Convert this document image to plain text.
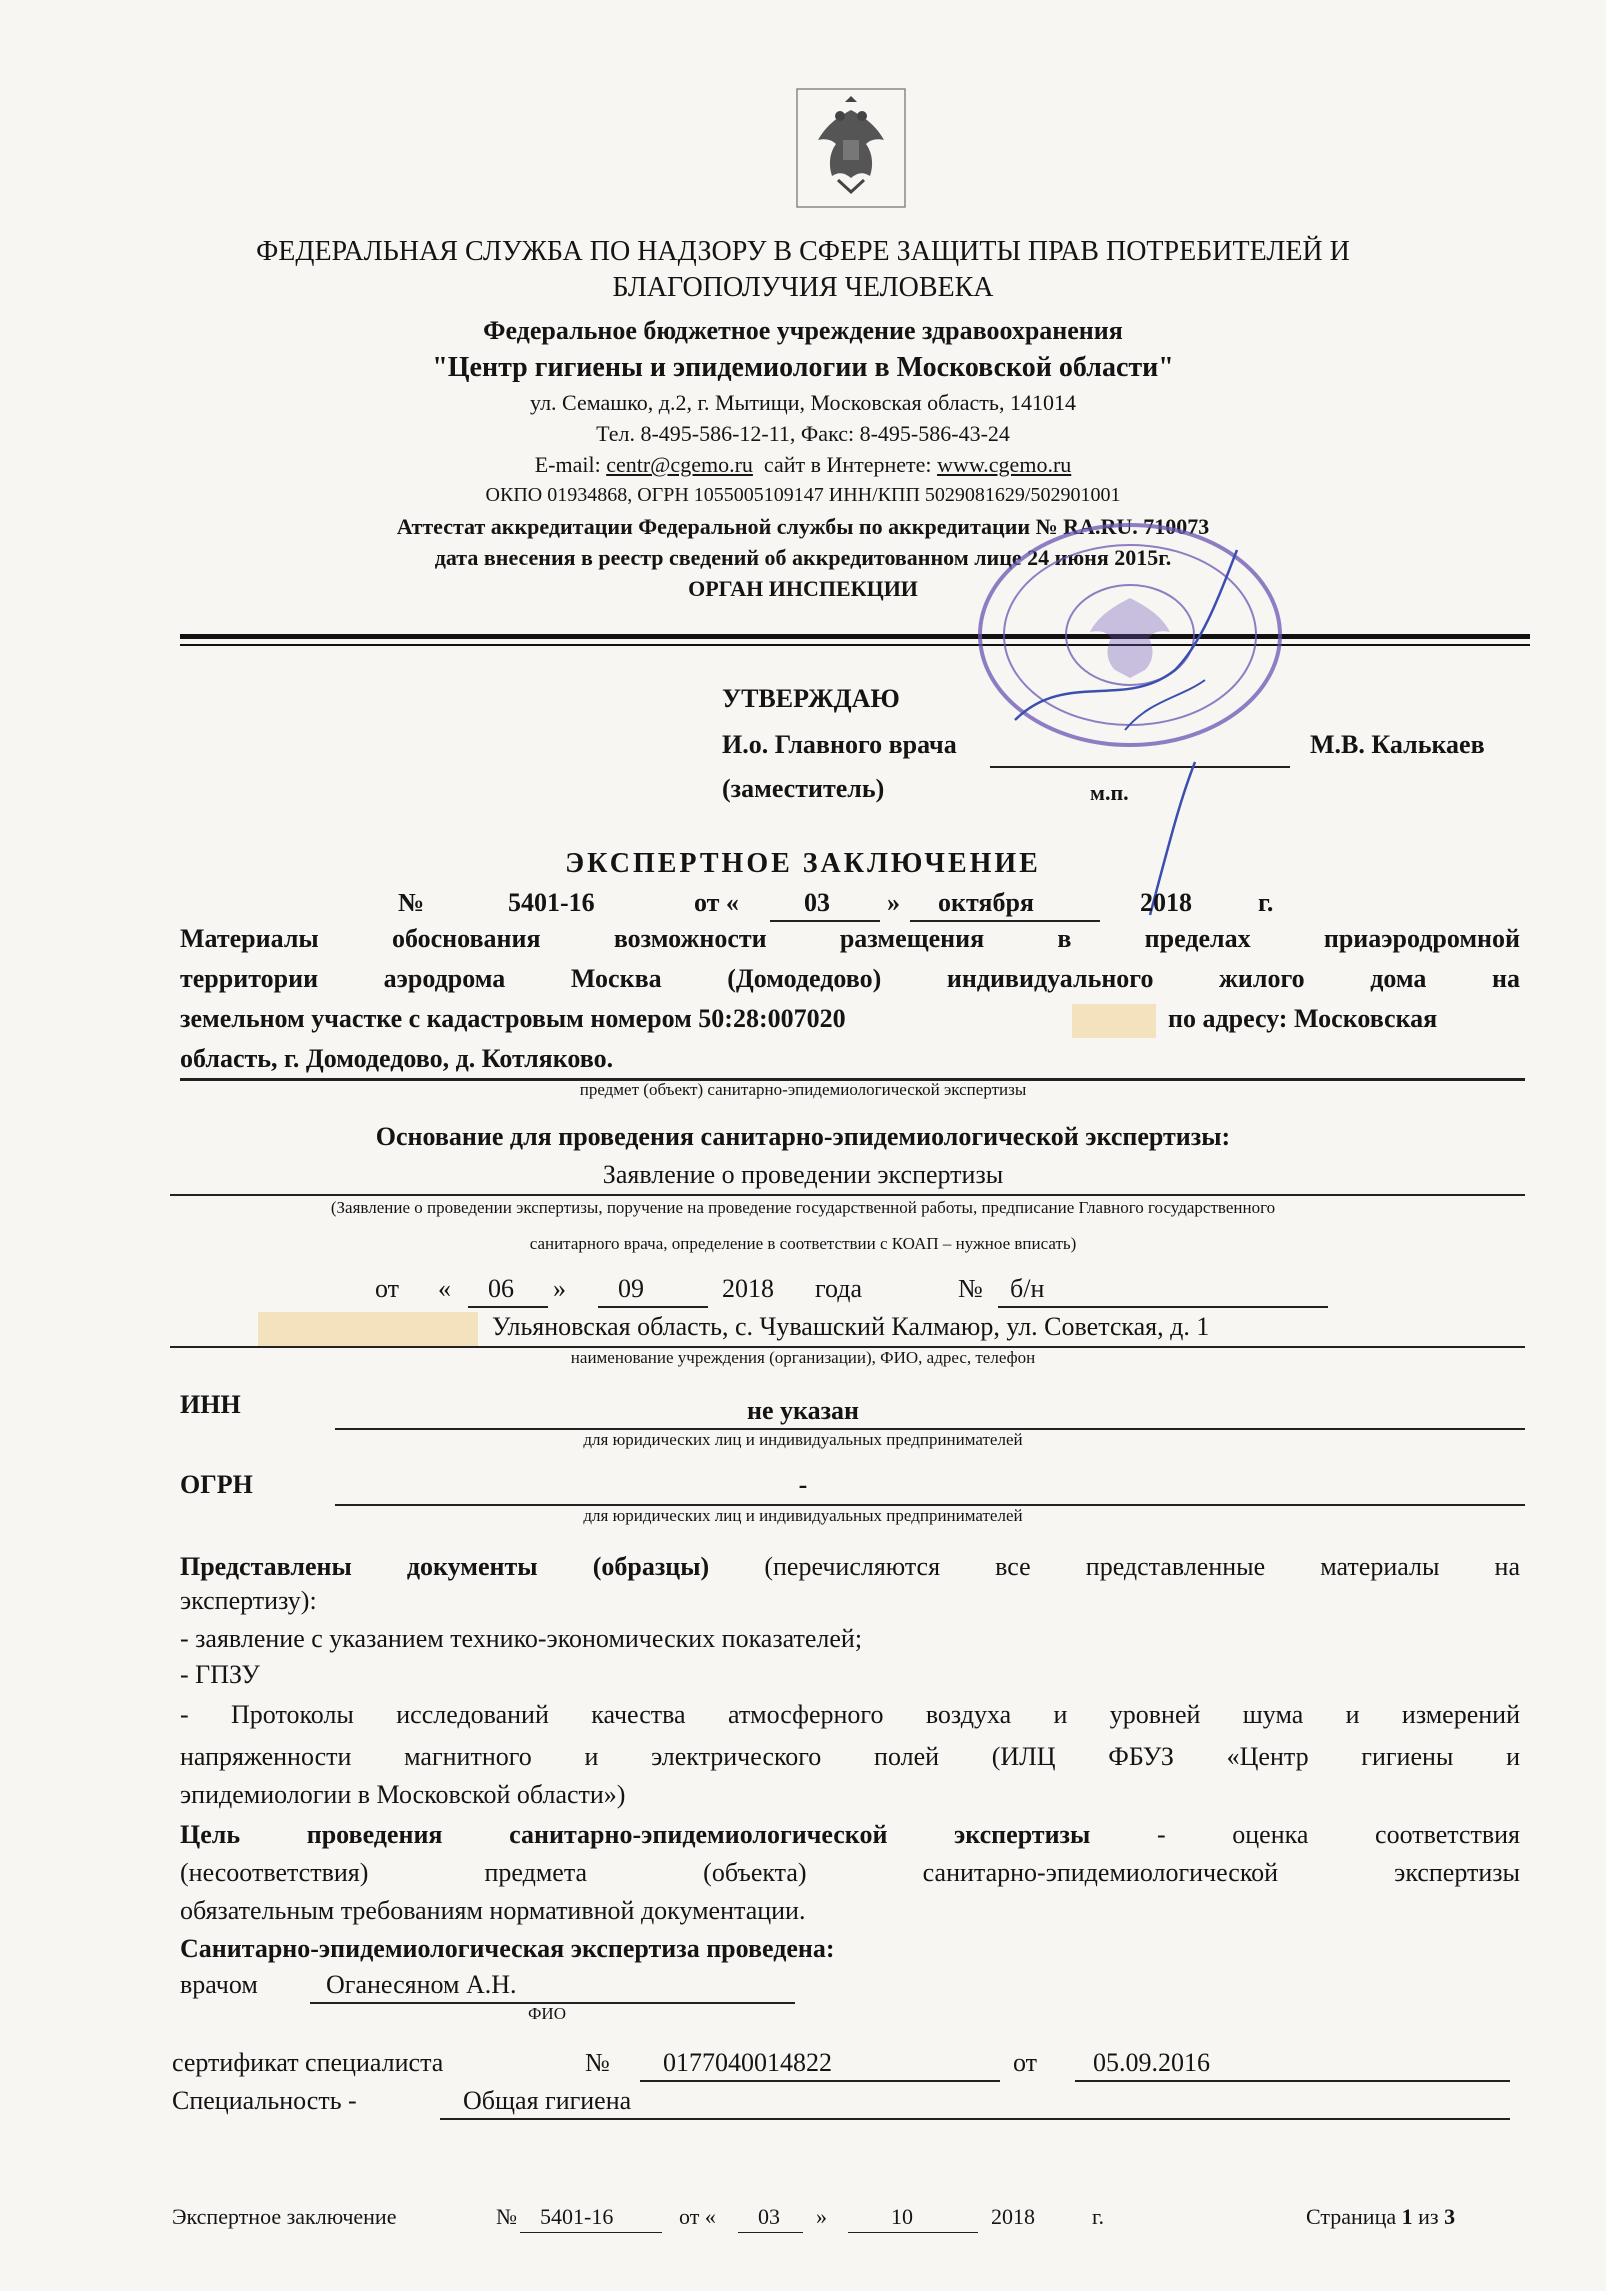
ФЕДЕРАЛЬНАЯ СЛУЖБА ПО НАДЗОРУ В СФЕРЕ ЗАЩИТЫ ПРАВ ПОТРЕБИТЕЛЕЙ И
БЛАГОПОЛУЧИЯ ЧЕЛОВЕКА
Федеральное бюджетное учреждение здравоохранения
"Центр гигиены и эпидемиологии в Московской области"
ул. Семашко, д.2, г. Мытищи, Московская область, 141014
Тел. 8-495-586-12-11, Факс: 8-495-586-43-24
E-mail: centr@cgemo.ru сайт в Интернете: www.cgemo.ru
ОКПО 01934868, ОГРН 1055005109147 ИНН/КПП 5029081629/502901001
Аттестат аккредитации Федеральной службы по аккредитации № RA.RU. 710073
дата внесения в реестр сведений об аккредитованном лице 24 июня 2015г.
ОРГАН ИНСПЕКЦИИ
УТВЕРЖДАЮ
И.о. Главного врача
(заместитель)	м.п.
М.В. Калькаев
ЭКСПЕРТНОЕ ЗАКЛЮЧЕНИЕ
№	5401-16	от «	03 » октября	2018	г.
Материалы обоснования возможности размещения в пределах приаэродромной
территории аэродрома Москва (Домодедово) индивидуального жилого дома на
земельном участке с кадастровым номером 50:28:007020	по адресу: Московская
область, г. Домодедово, д. Котляково.
предмет (объект) санитарно-эпидемиологической экспертизы
Основание для проведения санитарно-эпидемиологической экспертизы:
Заявление о проведении экспертизы
(Заявление о проведении экспертизы, поручение на проведение государственной работы, предписание Главного государственного
санитарного врача, определение в соответствии с КОАП – нужное вписать)
от « 06 » 09	2018 года	№ б/н
Ульяновская область, с. Чувашский Калмаюр, ул. Советская, д. 1
наименование учреждения (организации), ФИО, адрес, телефон
ИНН	не указан
для юридических лиц и индивидуальных предпринимателей
ОГРН	-
для юридических лиц и индивидуальных предпринимателей
Представлены документы (образцы) (перечисляются все представленные материалы на
экспертизу):
- заявление с указанием технико-экономических показателей;
- ГПЗУ
- Протоколы исследований качества атмосферного воздуха и уровней шума и измерений
напряженности магнитного и электрического полей (ИЛЦ ФБУЗ «Центр гигиены и
эпидемиологии в Московской области»)
Цель проведения санитарно-эпидемиологической экспертизы	- оценка соответствия
(несоответствия) предмета (объекта) санитарно-эпидемиологической экспертизы
обязательным требованиям нормативной документации.
Санитарно-эпидемиологическая экспертиза проведена:
врачом	Оганесяном А.Н.
ФИО
сертификат специалиста	№ 0177040014822	от 05.09.2016
Специальность -	Общая гигиена
Экспертное заключение	№ 5401-16	от « 03 »	10	2018	г.	Страница 1 из 3
